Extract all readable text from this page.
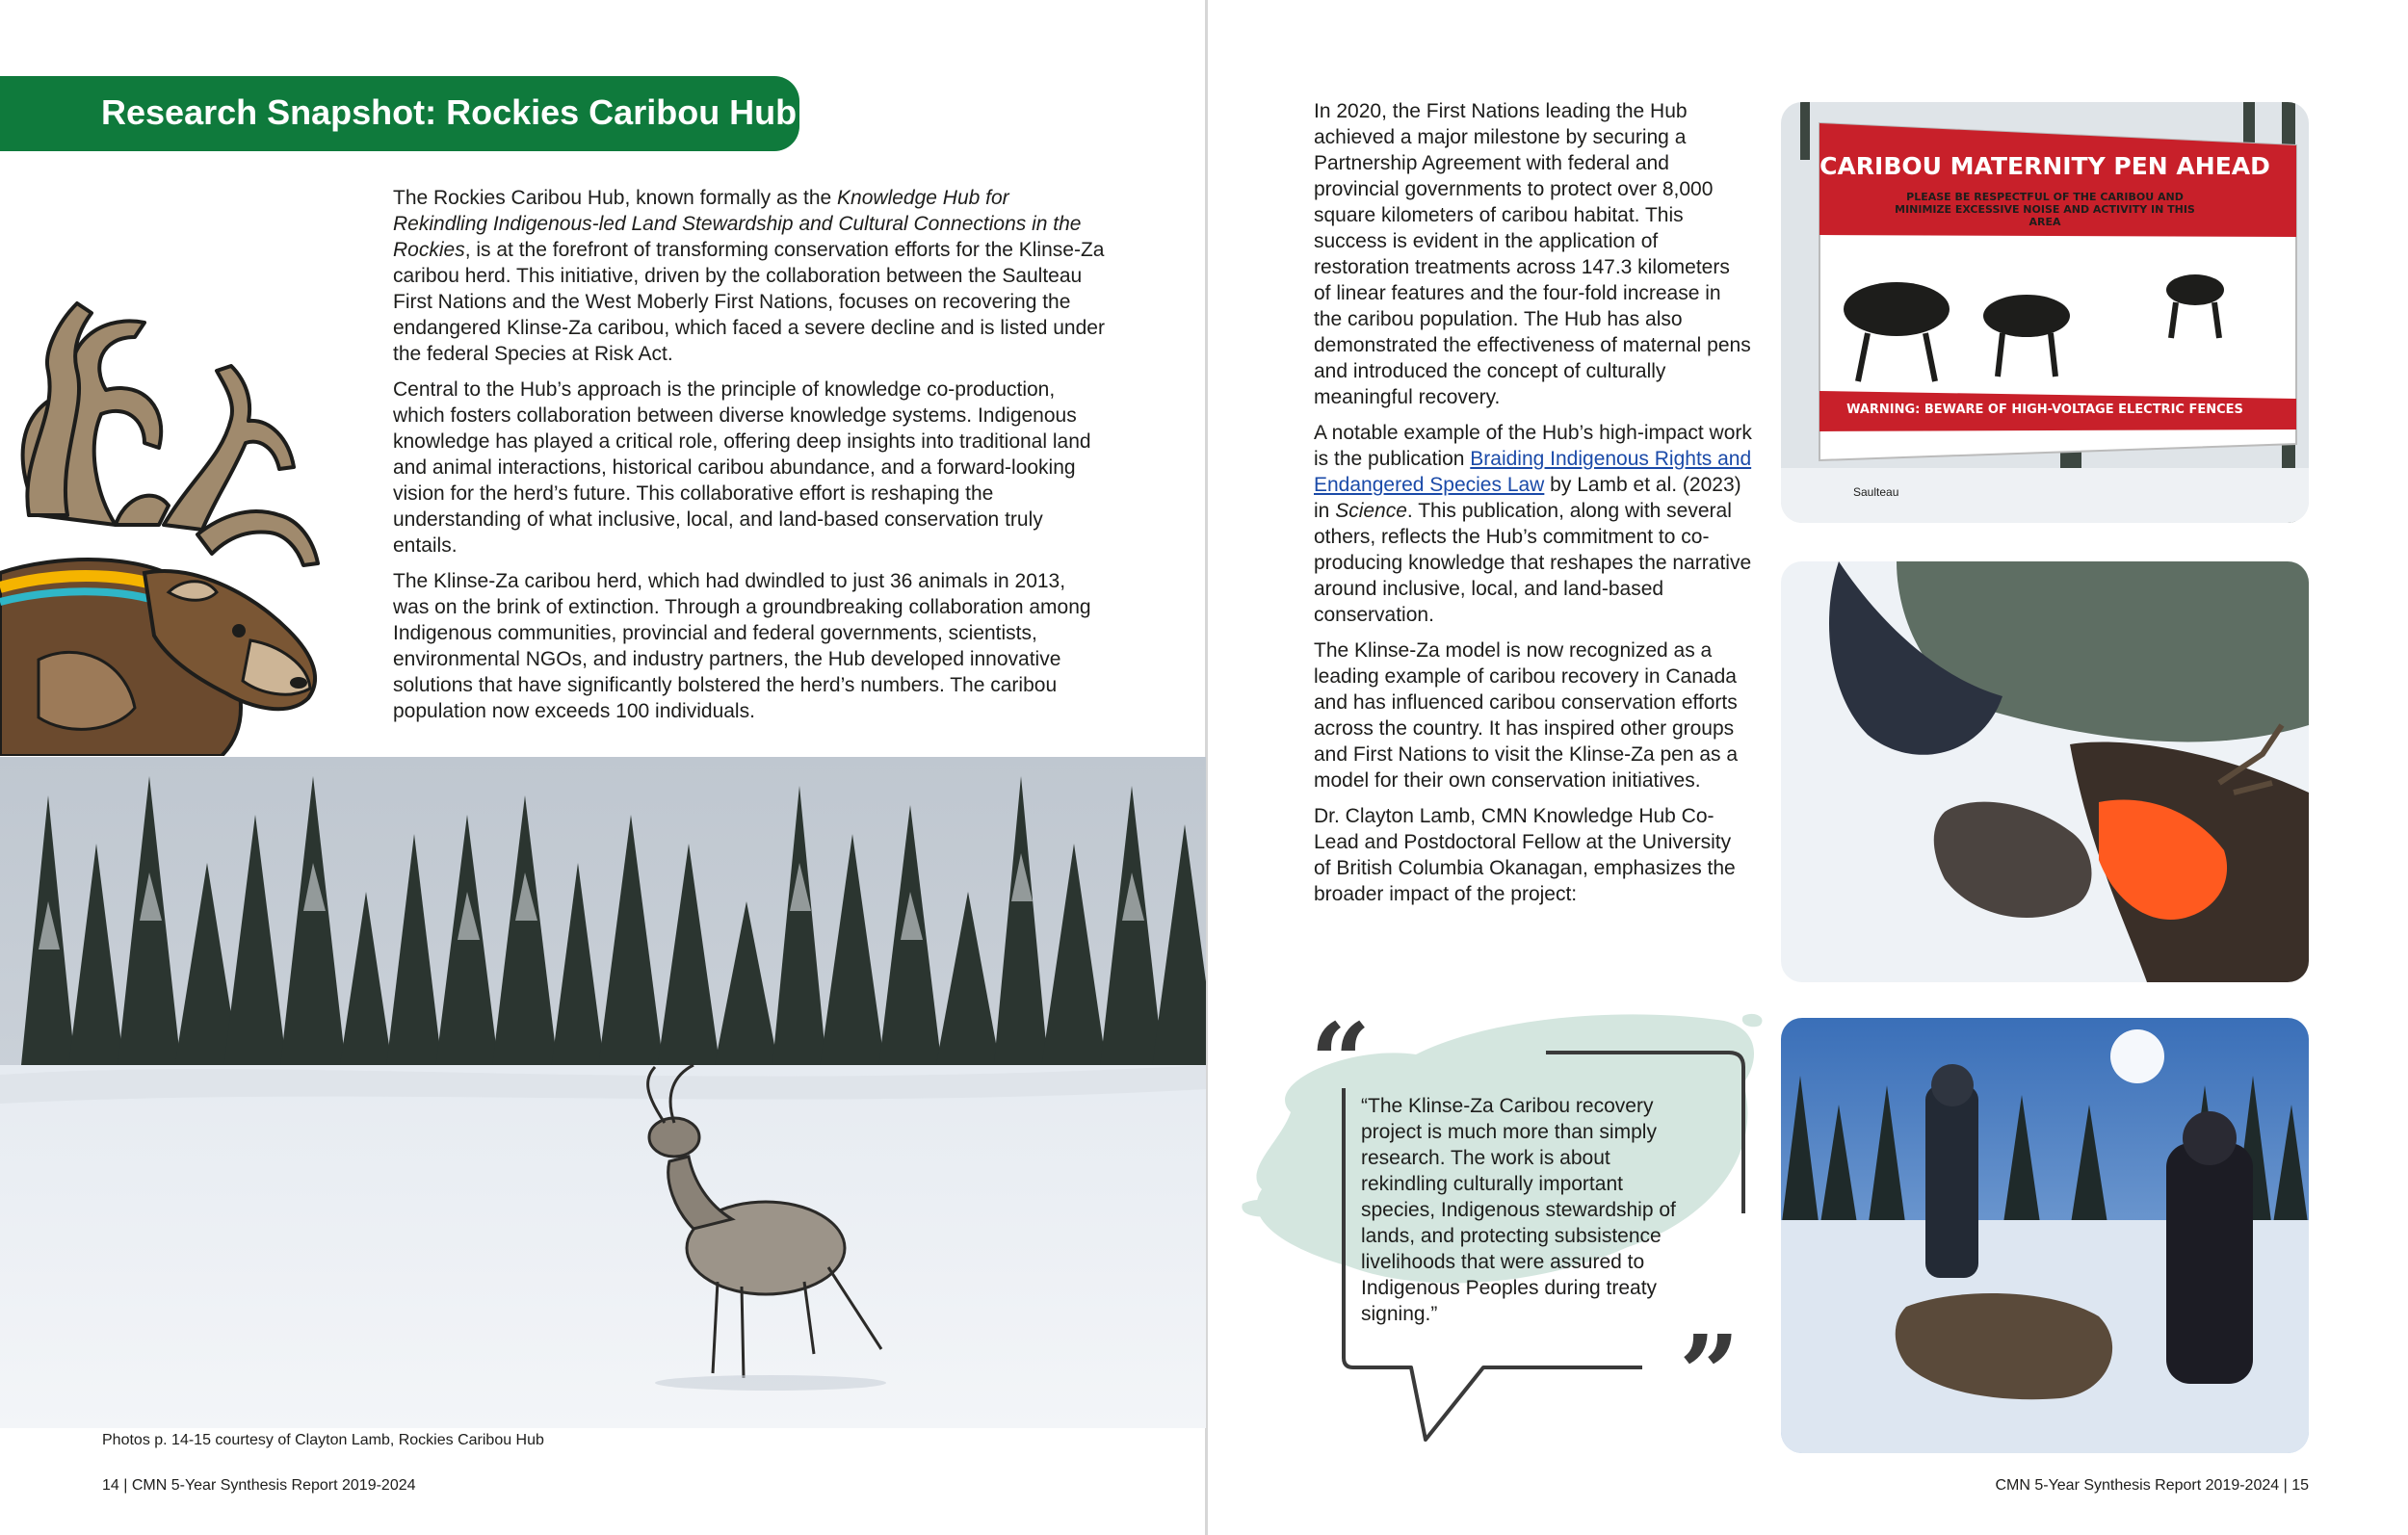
Research Snapshot: Rockies Caribou Hub

The Rockies Caribou Hub, known formally as the Knowledge Hub for Rekindling Indigenous-led Land Stewardship and Cultural Connections in the Rockies, is at the forefront of transforming conservation efforts for the Klinse-Za caribou herd. This initiative, driven by the collaboration between the Saulteau First Nations and the West Moberly First Nations, focuses on recovering the endangered Klinse-Za caribou, which faced a severe decline and is listed under the federal Species at Risk Act.

Central to the Hub’s approach is the principle of knowledge co-production, which fosters collaboration between diverse knowledge systems. Indigenous knowledge has played a critical role, offering deep insights into traditional land and animal interactions, historical caribou abundance, and a forward-looking vision for the herd’s future. This collaborative effort is reshaping the understanding of what inclusive, local, and land-based conservation truly entails.

The Klinse-Za caribou herd, which had dwindled to just 36 animals in 2013, was on the brink of extinction. Through a groundbreaking collaboration among Indigenous communities, provincial and federal governments, scientists, environmental NGOs, and industry partners, the Hub developed innovative solutions that have significantly bolstered the herd’s numbers. The caribou population now exceeds 100 individuals.

Photos p. 14-15 courtesy of Clayton Lamb, Rockies Caribou Hub
14 | CMN 5-Year Synthesis Report 2019-2024

In 2020, the First Nations leading the Hub achieved a major milestone by securing a Partnership Agreement with federal and provincial governments to protect over 8,000 square kilometers of caribou habitat. This success is evident in the application of restoration treatments across 147.3 kilometers of linear features and the four-fold increase in the caribou population. The Hub has also demonstrated the effectiveness of maternal pens and introduced the concept of culturally meaningful recovery.

A notable example of the Hub’s high-impact work is the publication Braiding Indigenous Rights and Endangered Species Law by Lamb et al. (2023) in Science. This publication, along with several others, reflects the Hub’s commitment to co-producing knowledge that reshapes the narrative around inclusive, local, and land-based conservation.

The Klinse-Za model is now recognized as a leading example of caribou recovery in Canada and has influenced caribou conservation efforts across the country. It has inspired other groups and First Nations to visit the Klinse-Za pen as a model for their own conservation initiatives.

Dr. Clayton Lamb, CMN Knowledge Hub Co-Lead and Postdoctoral Fellow at the University of British Columbia Okanagan, emphasizes the broader impact of the project:

“
“The Klinse-Za Caribou recovery project is much more than simply research. The work is about rekindling culturally important species, Indigenous stewardship of lands, and protecting subsistence livelihoods that were assured to Indigenous Peoples during treaty signing.”	”
CARIBOU MATERNITY PEN AHEAD
PLEASE BE RESPECTFUL OF THE CARIBOU AND MINIMIZE EXCESSIVE NOISE AND ACTIVITY IN THIS AREA
WARNING: BEWARE OF HIGH-VOLTAGE ELECTRIC FENCES
Saulteau
CMN 5-Year Synthesis Report 2019-2024 | 15
